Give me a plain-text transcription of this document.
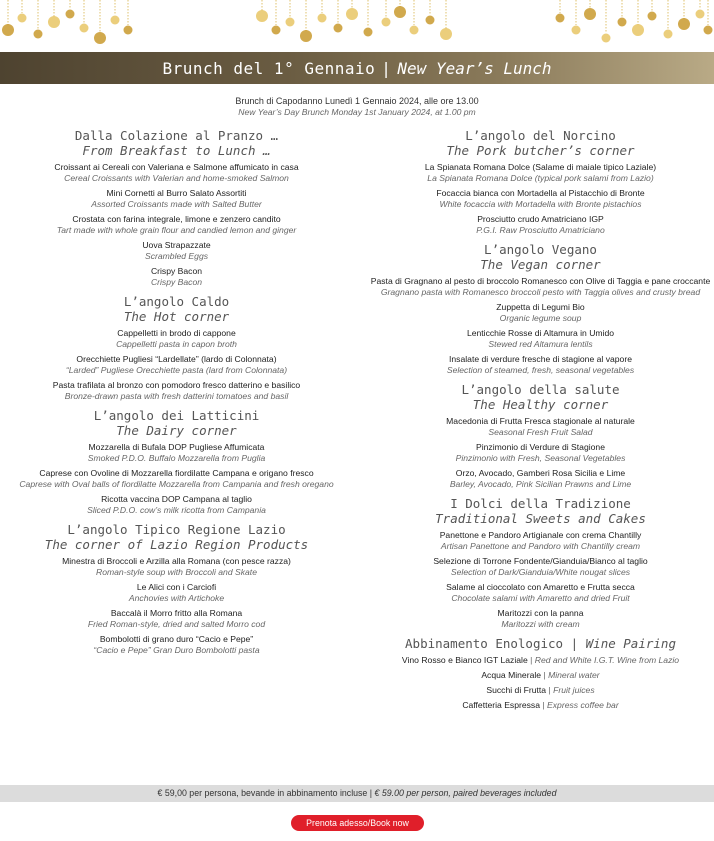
Brunch del 1° Gennaio | New Year’s Lunch
Brunch di Capodanno Lunedì 1 Gennaio 2024, alle ore 13.00
New Year’s Day Brunch Monday 1st January 2024, at 1.00 pm
Dalla Colazione al Pranzo …
From Breakfast to Lunch …
Croissant ai Cereali con Valeriana e Salmone affumicato in casa
Cereal Croissants with Valerian and home-smoked Salmon
Mini Cornetti al Burro Salato Assortiti
Assorted Croissants made with Salted Butter
Crostata con farina integrale, limone e zenzero candito
Tart made with whole grain flour and candied lemon and ginger
Uova Strapazzate
Scrambled Eggs
Crispy Bacon
Crispy Bacon
L’angolo Caldo
The Hot corner
Cappelletti in brodo di cappone
Cappelletti pasta in capon broth
Orecchiette Pugliesi “Lardellate” (lardo di Colonnata)
“Larded” Pugliese Orecchiette pasta (lard from Colonnata)
Pasta trafilata al bronzo con pomodoro fresco datterino e basilico
Bronze-drawn pasta with fresh datterini tomatoes and basil
L’angolo dei Latticini
The Dairy corner
Mozzarella di Bufala DOP Pugliese Affumicata
Smoked P.D.O. Buffalo Mozzarella from Puglia
Caprese con Ovoline di Mozzarella fiordilatte Campana e origano fresco
Caprese with Oval balls of fiordilatte Mozzarella from Campania and fresh oregano
Ricotta vaccina DOP Campana al taglio
Sliced P.D.O. cow’s milk ricotta from Campania
L’angolo Tipico Regione Lazio
The corner of Lazio Region Products
Minestra di Broccoli e Arzilla alla Romana (con pesce razza)
Roman-style soup with Broccoli and Skate
Le Alici con i Carciofi
Anchovies with Artichoke
Baccalà il Morro fritto alla Romana
Fried Roman-style, dried and salted Morro cod
Bombolotti di grano duro “Cacio e Pepe”
“Cacio e Pepe” Gran Duro Bombolotti pasta
L’angolo del Norcino
The Pork butcher’s corner
La Spianata Romana Dolce (Salame di maiale tipico Laziale)
La Spianata Romana Dolce (typical pork salami from Lazio)
Focaccia bianca con Mortadella al Pistacchio di Bronte
White focaccia with Mortadella with Bronte pistachios
Prosciutto crudo Amatriciano IGP
P.G.I. Raw Prosciutto Amatriciano
L’angolo Vegano
The Vegan corner
Pasta di Gragnano al pesto di broccolo Romanesco con Olive di Taggia e pane croccante
Gragnano pasta with Romanesco broccoli pesto with Taggia olives and crusty bread
Zuppetta di Legumi Bio
Organic legume soup
Lenticchie Rosse di Altamura in Umido
Stewed red Altamura lentils
Insalate di verdure fresche di stagione al vapore
Selection of steamed, fresh, seasonal vegetables
L’angolo della salute
The Healthy corner
Macedonia di Frutta Fresca stagionale al naturale
Seasonal Fresh Fruit Salad
Pinzimonio di Verdure di Stagione
Pinzimonio with Fresh, Seasonal Vegetables
Orzo, Avocado, Gamberi Rosa Sicilia e Lime
Barley, Avocado, Pink Sicilian Prawns and Lime
I Dolci della Tradizione
Traditional Sweets and Cakes
Panettone e Pandoro Artigianale con crema Chantilly
Artisan Panettone and Pandoro with Chantilly cream
Selezione di Torrone Fondente/Gianduia/Bianco al taglio
Selection of Dark/Gianduia/White nougat slices
Salame al cioccolato con Amaretto e Frutta secca
Chocolate salami with Amaretto and dried Fruit
Maritozzi con la panna
Maritozzi with cream
Abbinamento Enologico | Wine Pairing
Vino Rosso e Bianco IGT Laziale | Red and White I.G.T. Wine from Lazio
Acqua Minerale | Mineral water
Succhi di Frutta | Fruit juices
Caffetteria Espressa | Express coffee bar
€ 59,00 per persona, bevande in abbinamento incluse | € 59.00 per person, paired beverages included
Prenota adesso/Book now
